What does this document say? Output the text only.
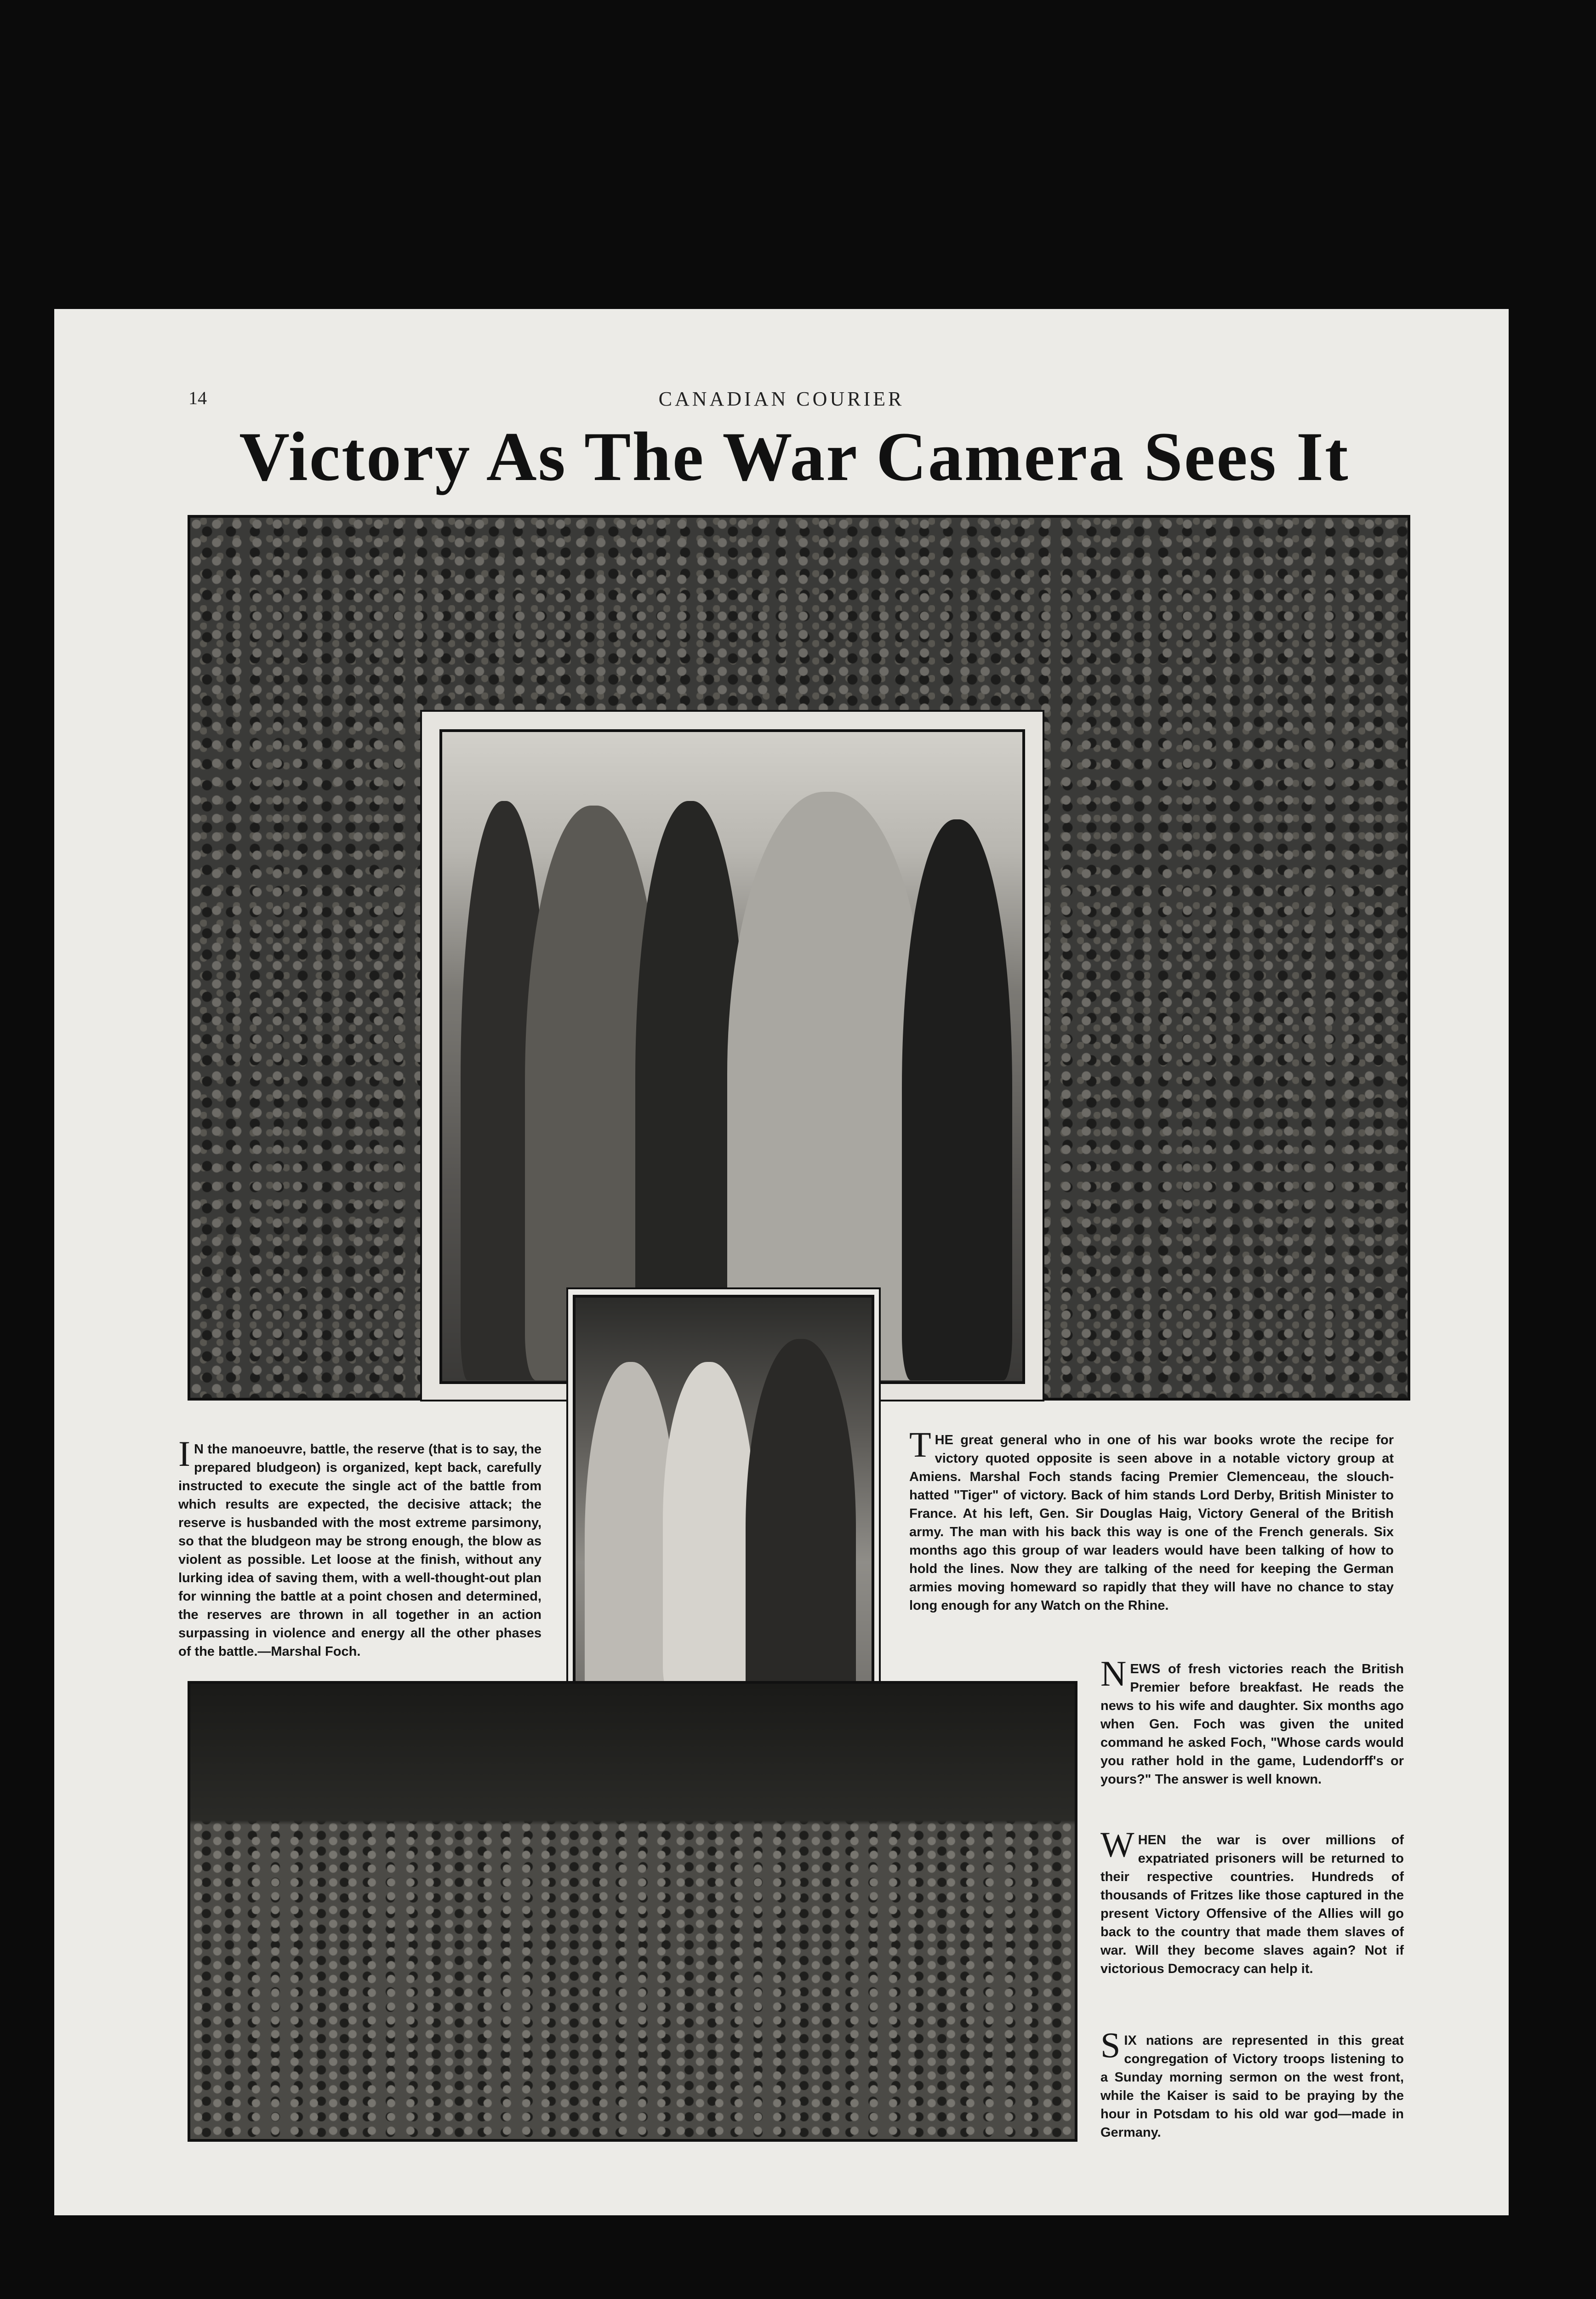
14	CANADIAN COURIER
Victory As The War Camera Sees It

I N the manoeuvre, battle, the reserve (that is to say, the prepared bludgeon) is organized, kept back, carefully instructed to execute the single act of the battle from which results are expected, the decisive attack; the reserve is husbanded with the most extreme parsimony, so that the bludgeon may be strong enough, the blow as violent as possible. Let loose at the finish, without any lurking idea of saving them, with a well-thought-out plan for winning the battle at a point chosen and determined, the reserves are thrown in all together in an action surpassing in violence and energy all the other phases of the battle.—Marshal Foch.

THE great general who in one of his war books wrote the recipe for victory quoted opposite is seen above in a notable victory group at Amiens. Marshal Foch stands facing Premier Clemenceau, the slouch-hatted "Tiger" of victory. Back of him stands Lord Derby, British Minister to France. At his left, Gen. Sir Douglas Haig, Victory General of the British army. The man with his back this way is one of the French generals. Six months ago this group of war leaders would have been talking of how to hold the lines. Now they are talking of the need for keeping the German armies moving homeward so rapidly that they will have no chance to stay long enough for any Watch on the Rhine.

NEWS of fresh victories reach the British Premier before breakfast. He reads the news to his wife and daughter. Six months ago when Gen. Foch was given the united command he asked Foch, "Whose cards would you rather hold in the game, Ludendorff's or yours?" The answer is well known.

WHEN the war is over millions of expatriated prisoners will be returned to their respective countries. Hundreds of thousands of Fritzes like those captured in the present Victory Offensive of the Allies will go back to the country that made them slaves of war. Will they become slaves again? Not if victorious Democracy can help it.

SIX nations are represented in this great congregation of Victory troops listening to a Sunday morning sermon on the west front, while the Kaiser is said to be praying by the hour in Potsdam to his old war god—made in Germany.
